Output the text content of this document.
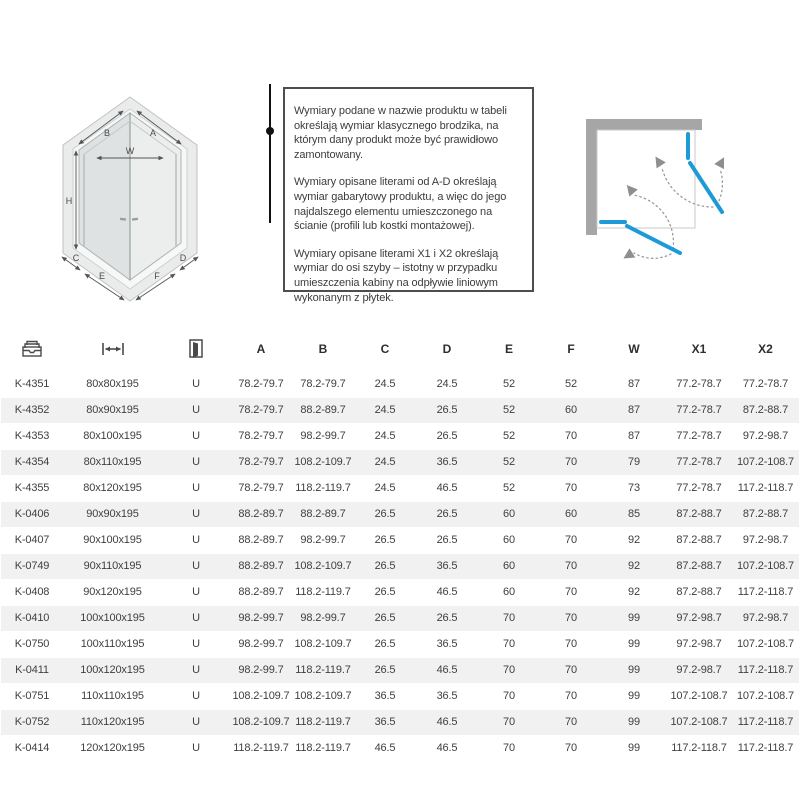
B	A
W
H
C
E	F
D

Wymiary podane w nazwie produktu w tabeli określają wymiar klasycznego brodzika, na którym dany produkt może być prawidłowo zamontowany.

Wymiary opisane literami od A-D określają wymiar gabarytowy produktu, a więc do jego najdalszego elementu umieszczonego na ścianie (profili lub kostki montażowej).

Wymiary opisane literami X1 i X2 określają wymiar do osi szyby – istotny w przypadku umieszczenia kabiny na odpływie liniowym wykonanym z płytek.

			A	B	C	D	E	F	W	X1	X2
K-4351	80x80x195	U	78.2-79.7	78.2-79.7	24.5	24.5	52	52	87	77.2-78.7	77.2-78.7
K-4352	80x90x195	U	78.2-79.7	88.2-89.7	24.5	26.5	52	60	87	77.2-78.7	87.2-88.7
K-4353	80x100x195	U	78.2-79.7	98.2-99.7	24.5	26.5	52	70	87	77.2-78.7	97.2-98.7
K-4354	80x110x195	U	78.2-79.7	108.2-109.7	24.5	36.5	52	70	79	77.2-78.7	107.2-108.7
K-4355	80x120x195	U	78.2-79.7	118.2-119.7	24.5	46.5	52	70	73	77.2-78.7	117.2-118.7
K-0406	90x90x195	U	88.2-89.7	88.2-89.7	26.5	26.5	60	60	85	87.2-88.7	87.2-88.7
K-0407	90x100x195	U	88.2-89.7	98.2-99.7	26.5	26.5	60	70	92	87.2-88.7	97.2-98.7
K-0749	90x110x195	U	88.2-89.7	108.2-109.7	26.5	36.5	60	70	92	87.2-88.7	107.2-108.7
K-0408	90x120x195	U	88.2-89.7	118.2-119.7	26.5	46.5	60	70	92	87.2-88.7	117.2-118.7
K-0410	100x100x195	U	98.2-99.7	98.2-99.7	26.5	26.5	70	70	99	97.2-98.7	97.2-98.7
K-0750	100x110x195	U	98.2-99.7	108.2-109.7	26.5	36.5	70	70	99	97.2-98.7	107.2-108.7
K-0411	100x120x195	U	98.2-99.7	118.2-119.7	26.5	46.5	70	70	99	97.2-98.7	117.2-118.7
K-0751	110x110x195	U	108.2-109.7	108.2-109.7	36.5	36.5	70	70	99	107.2-108.7	107.2-108.7
K-0752	110x120x195	U	108.2-109.7	118.2-119.7	36.5	46.5	70	70	99	107.2-108.7	117.2-118.7
K-0414	120x120x195	U	118.2-119.7	118.2-119.7	46.5	46.5	70	70	99	117.2-118.7	117.2-118.7
